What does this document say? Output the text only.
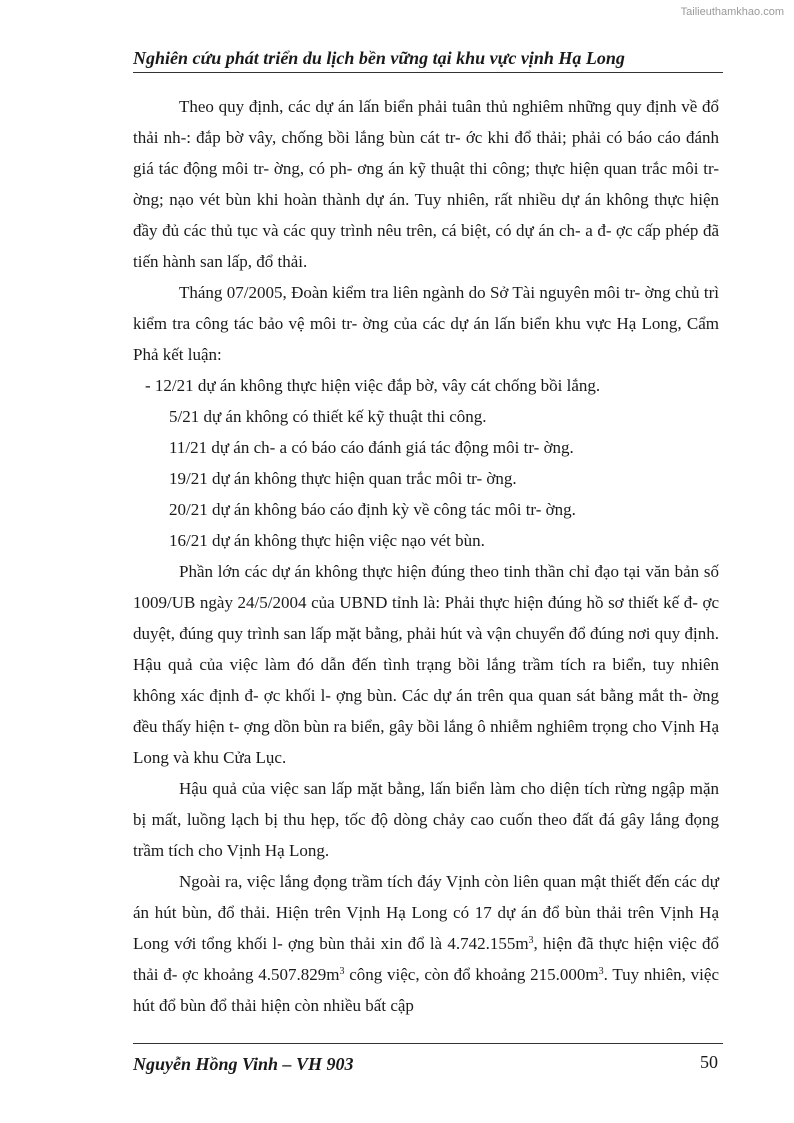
Tailieuthamkhao.com
Nghiên cứu phát triển du lịch bền vững tại khu vực vịnh Hạ Long

Theo quy định, các dự án lấn biển phải tuân thủ nghiêm những quy định về đổ thải nh-: đắp bờ vây, chống bồi lắng bùn cát tr- ớc khi đổ thải; phải có báo cáo đánh giá tác động môi tr- ờng, có ph- ơng án kỹ thuật thi công; thực hiện quan trắc môi tr- ờng; nạo vét bùn khi hoàn thành dự án. Tuy nhiên, rất nhiều dự án không thực hiện đầy đủ các thủ tục và các quy trình nêu trên, cá biệt, có dự án ch- a đ- ợc cấp phép đã tiến hành san lấp, đổ thải.

Tháng 07/2005, Đoàn kiểm tra liên ngành do Sở Tài nguyên môi tr- ờng chủ trì kiểm tra công tác bảo vệ môi tr- ờng của các dự án lấn biển khu vực Hạ Long, Cẩm Phả kết luận:

- 12/21 dự án không thực hiện việc đắp bờ, vây cát chống bồi lắng.

5/21 dự án không có thiết kế kỹ thuật thi công.

11/21 dự án ch- a có báo cáo đánh giá tác động môi tr- ờng.

19/21 dự án không thực hiện quan trắc môi tr- ờng.

20/21 dự án không báo cáo định kỳ về công tác môi tr- ờng.

16/21 dự án không thực hiện việc nạo vét bùn.

Phần lớn các dự án không thực hiện đúng theo tinh thần chỉ đạo tại văn bản số 1009/UB ngày 24/5/2004 của UBND tỉnh là: Phải thực hiện đúng hồ sơ thiết kế đ- ợc duyệt, đúng quy trình san lấp mặt bằng, phải hút và vận chuyển đổ đúng nơi quy định. Hậu quả của việc làm đó dẫn đến tình trạng bồi lắng trầm tích ra biển, tuy nhiên không xác định đ- ợc khối l- ợng bùn. Các dự án trên qua quan sát bằng mắt th- ờng đều thấy hiện t- ợng dồn bùn ra biển, gây bồi lắng ô nhiễm nghiêm trọng cho Vịnh Hạ Long và khu Cửa Lục.

Hậu quả của việc san lấp mặt bằng, lấn biển làm cho diện tích rừng ngập mặn bị mất, luồng lạch bị thu hẹp, tốc độ dòng chảy cao cuốn theo đất đá gây lắng đọng trầm tích cho Vịnh Hạ Long.

Ngoài ra, việc lắng đọng trầm tích đáy Vịnh còn liên quan mật thiết đến các dự án hút bùn, đổ thải. Hiện trên Vịnh Hạ Long có 17 dự án đổ bùn thải trên Vịnh Hạ Long với tổng khối l- ợng bùn thải xin đổ là $4.742.155m^3$, hiện đã thực hiện việc đổ thải đ- ợc khoảng $4.507.829m^3$ công việc, còn đổ khoảng $215.000m^3$. Tuy nhiên, việc hút đổ bùn đổ thải hiện còn nhiều bất cập

Nguyễn Hồng Vinh – VH 903	50
